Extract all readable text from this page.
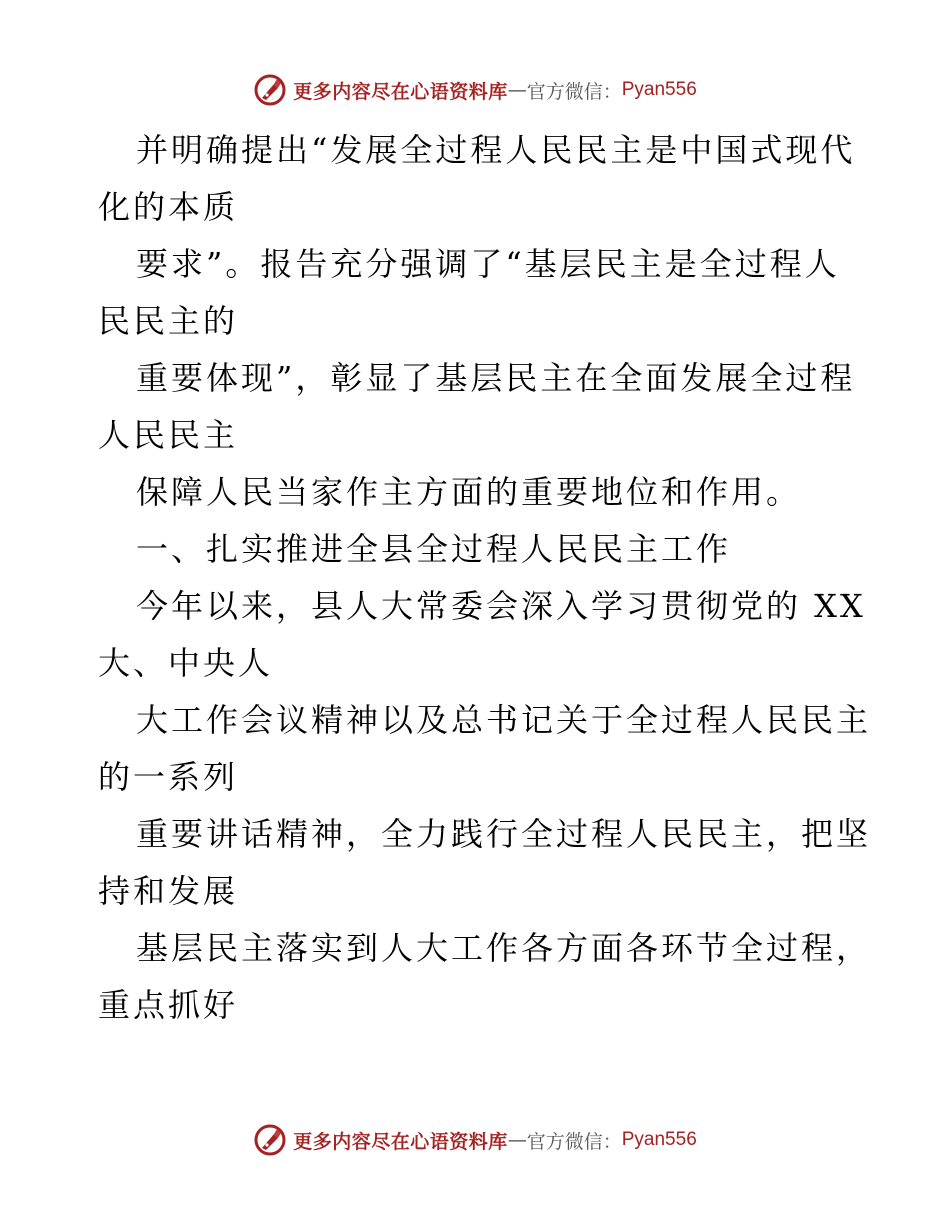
更多内容尽在心语资料库 — 官方微信： Pyan556
并明确提出“发展全过程人民民主是中国式现代
化的本质
要求”。报告充分强调了“基层民主是全过程人
民民主的
重要体现”，彰显了基层民主在全面发展全过程
人民民主
保障人民当家作主方面的重要地位和作用。
一、扎实推进全县全过程人民民主工作
今年以来，县人大常委会深入学习贯彻党的 XX
大、中央人
大工作会议精神以及总书记关于全过程人民民主
的一系列
重要讲话精神，全力践行全过程人民民主，把坚
持和发展
基层民主落实到人大工作各方面各环节全过程，
重点抓好
更多内容尽在心语资料库 — 官方微信： Pyan556
